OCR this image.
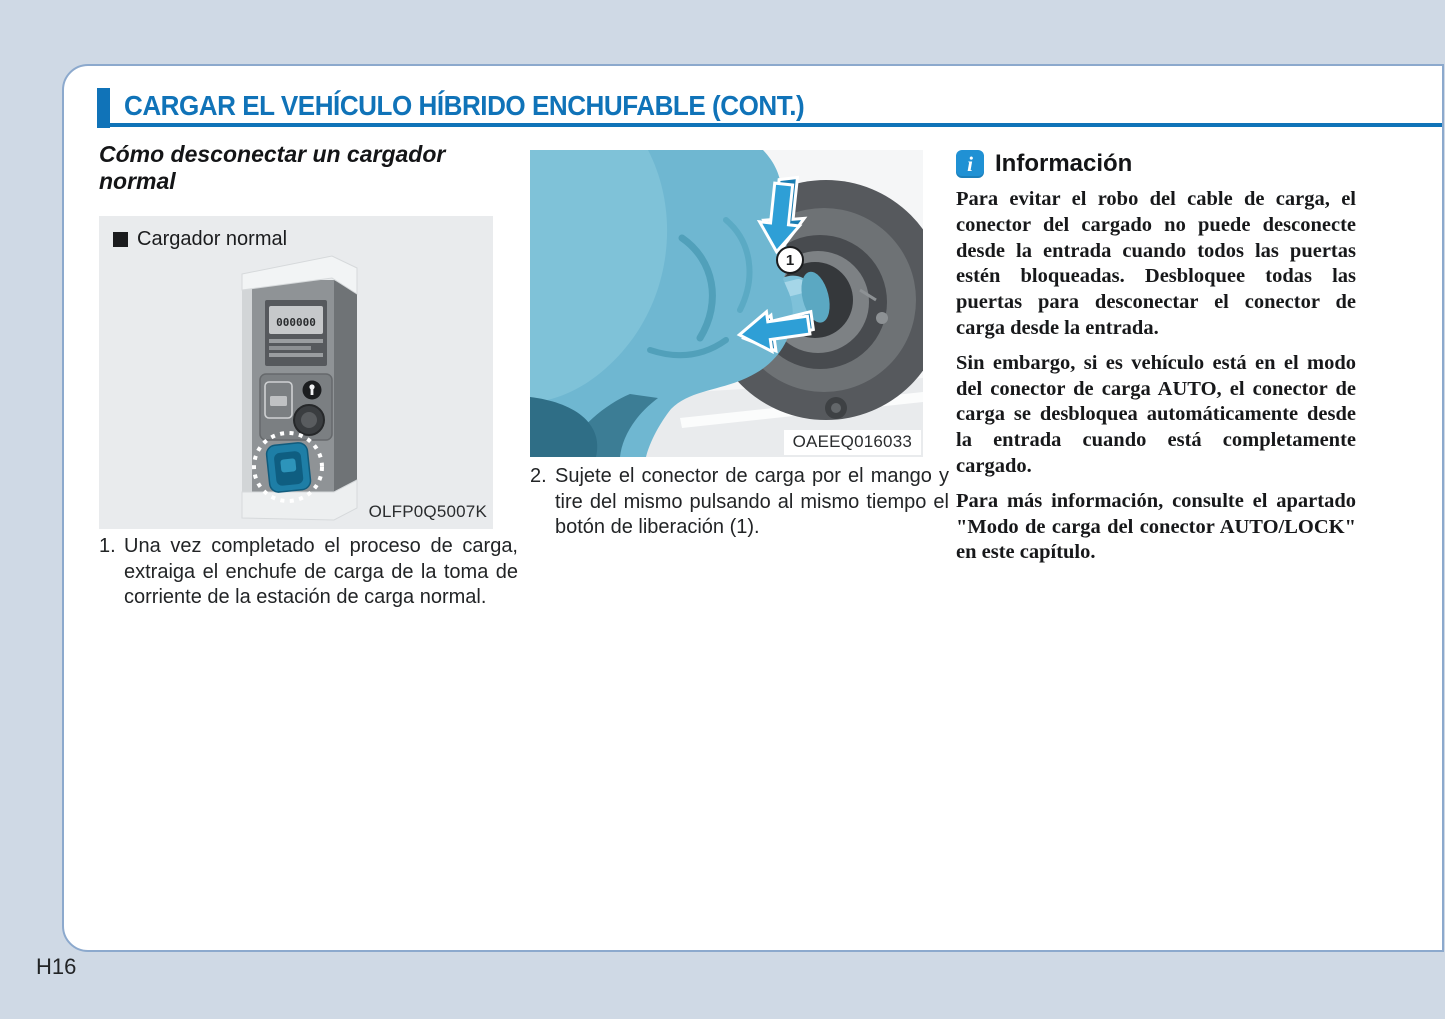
CARGAR EL VEHÍCULO HÍBRIDO ENCHUFABLE (CONT.)
Cómo desconectar un cargador normal
000000
Cargador normal
OLFP0Q5007K
1. Una vez completado el proceso de carga, extraiga el enchufe de carga de la toma de corriente de la estación de carga normal.
1
OAEEQ016033
2. Sujete el conector de carga por el mango y tire del mismo pulsando al mismo tiempo el botón de liberación (1).
i Información

Para evitar el robo del cable de carga, el conector del cargado no puede desconecte desde la entrada cuando todos las puertas estén bloqueadas. Desbloquee todas las puertas para desconectar el conector de carga desde la entrada.

Sin embargo, si es vehículo está en el modo del conector de carga AUTO, el conector de carga se desbloquea automáticamente desde la entrada cuando está completamente cargado.

Para más información, consulte el apartado "Modo de carga del conector AUTO/LOCK" en este capítulo.

H16
